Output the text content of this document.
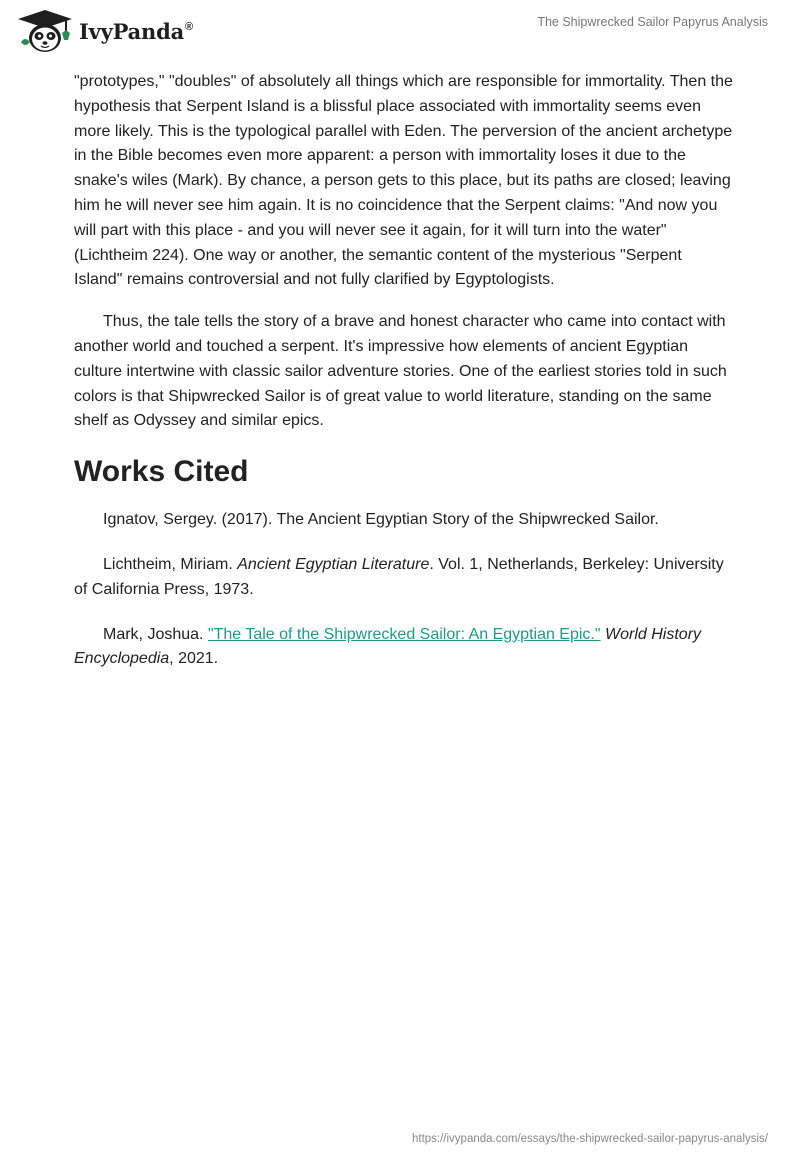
IvyPanda®	The Shipwrecked Sailor Papyrus Analysis

"prototypes," "doubles" of absolutely all things which are responsible for immortality. Then the hypothesis that Serpent Island is a blissful place associated with immortality seems even more likely. This is the typological parallel with Eden. The perversion of the ancient archetype in the Bible becomes even more apparent: a person with immortality loses it due to the snake's wiles (Mark). By chance, a person gets to this place, but its paths are closed; leaving him he will never see him again. It is no coincidence that the Serpent claims: "And now you will part with this place - and you will never see it again, for it will turn into the water" (Lichtheim 224). One way or another, the semantic content of the mysterious "Serpent Island" remains controversial and not fully clarified by Egyptologists.

Thus, the tale tells the story of a brave and honest character who came into contact with another world and touched a serpent. It's impressive how elements of ancient Egyptian culture intertwine with classic sailor adventure stories. One of the earliest stories told in such colors is that Shipwrecked Sailor is of great value to world literature, standing on the same shelf as Odyssey and similar epics.

Works Cited

Ignatov, Sergey. (2017). The Ancient Egyptian Story of the Shipwrecked Sailor.

Lichtheim, Miriam. Ancient Egyptian Literature. Vol. 1, Netherlands, Berkeley: University of California Press, 1973.

Mark, Joshua. "The Tale of the Shipwrecked Sailor: An Egyptian Epic." World History Encyclopedia, 2021.

https://ivypanda.com/essays/the-shipwrecked-sailor-papyrus-analysis/
